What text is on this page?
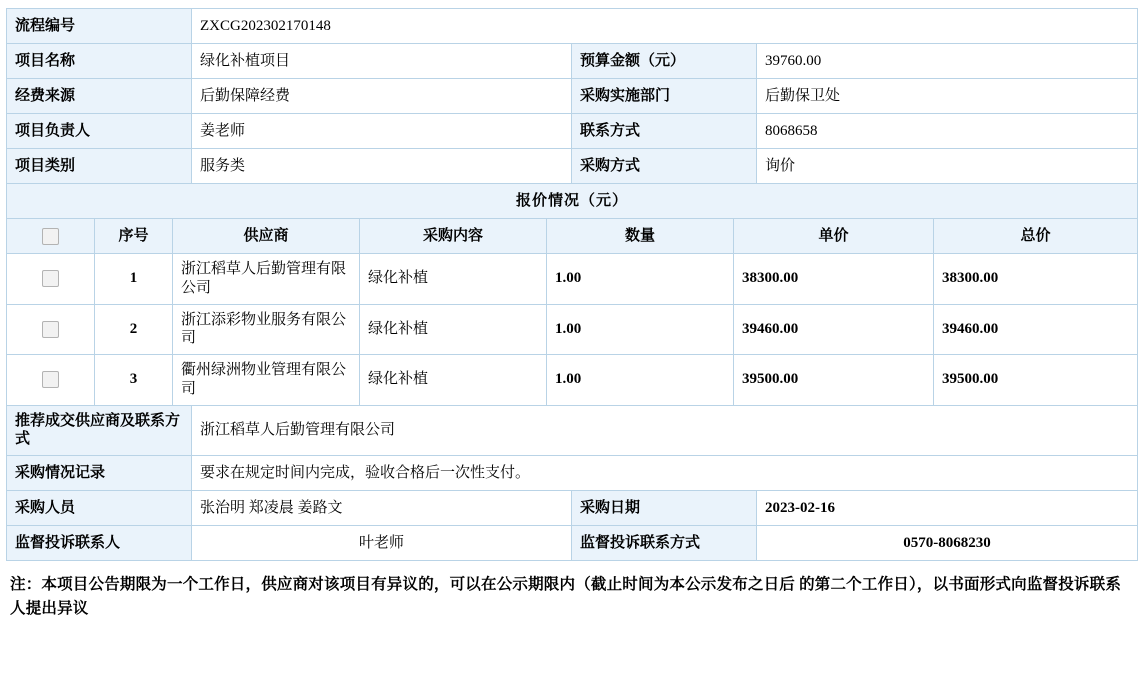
流程编号	ZXCG202302170148		
项目名称	绿化补植项目	预算金额（元）	39760.00
经费来源	后勤保障经费	采购实施部门	后勤保卫处
项目负责人	姜老师	联系方式	8068658
项目类别	服务类	采购方式	询价
报价情况（元）			
	序号	供应商	采购内容	数量	单价	总价
	1	浙江稻草人后勤管理有限公司	绿化补植	1.00	38300.00	38300.00
	2	浙江添彩物业服务有限公司	绿化补植	1.00	39460.00	39460.00
	3	衢州绿洲物业管理有限公司	绿化补植	1.00	39500.00	39500.00
推荐成交供应商及联系方式	浙江稻草人后勤管理有限公司		
采购情况记录	要求在规定时间内完成，验收合格后一次性支付。		
采购人员	张治明 郑凌晨 姜路文	采购日期	2023-02-16
监督投诉联系人	叶老师	监督投诉联系方式	0570-8068230
注：本项目公告期限为一个工作日，供应商对该项目有异议的，可以在公示期限内（截止时间为本公示发布之日后 的第二个工作日），以书面形式向监督投诉联系人提出异议
